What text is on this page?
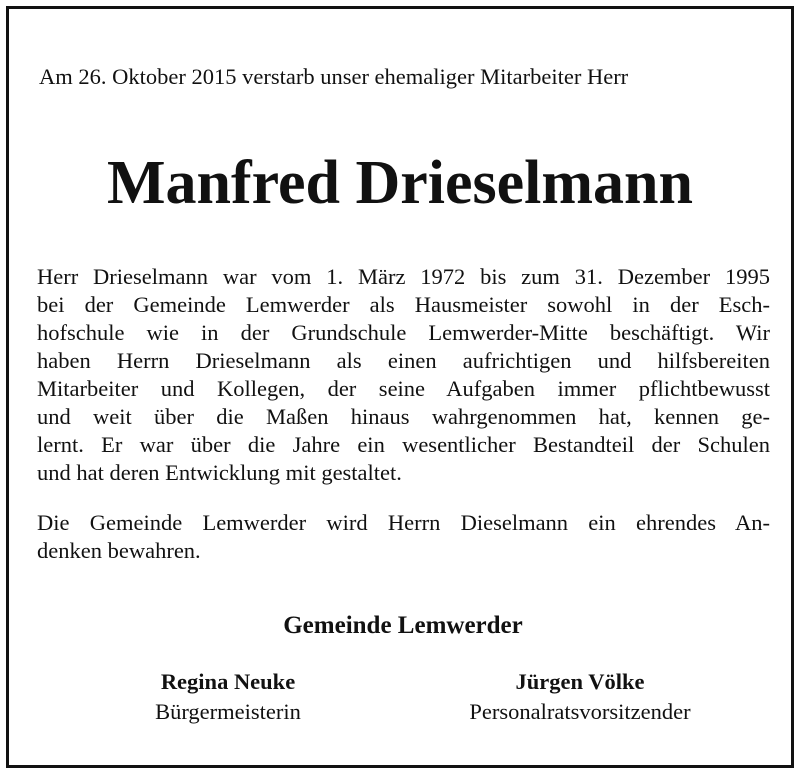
Am 26. Oktober 2015 verstarb unser ehemaliger Mitarbeiter Herr
Manfred Drieselmann
Herr Drieselmann war vom 1. März 1972 bis zum 31. Dezember 1995
bei der Gemeinde Lemwerder als Hausmeister sowohl in der Esch-
hofschule wie in der Grundschule Lemwerder-Mitte beschäftigt. Wir
haben Herrn Drieselmann als einen aufrichtigen und hilfsbereiten
Mitarbeiter und Kollegen, der seine Aufgaben immer pflichtbewusst
und weit über die Maßen hinaus wahrgenommen hat, kennen ge-
lernt. Er war über die Jahre ein wesentlicher Bestandteil der Schulen
und hat deren Entwicklung mit gestaltet.
Die Gemeinde Lemwerder wird Herrn Dieselmann ein ehrendes An-
denken bewahren.
Gemeinde Lemwerder
Regina Neuke
Bürgermeisterin
Jürgen Völke
Personalratsvorsitzender
